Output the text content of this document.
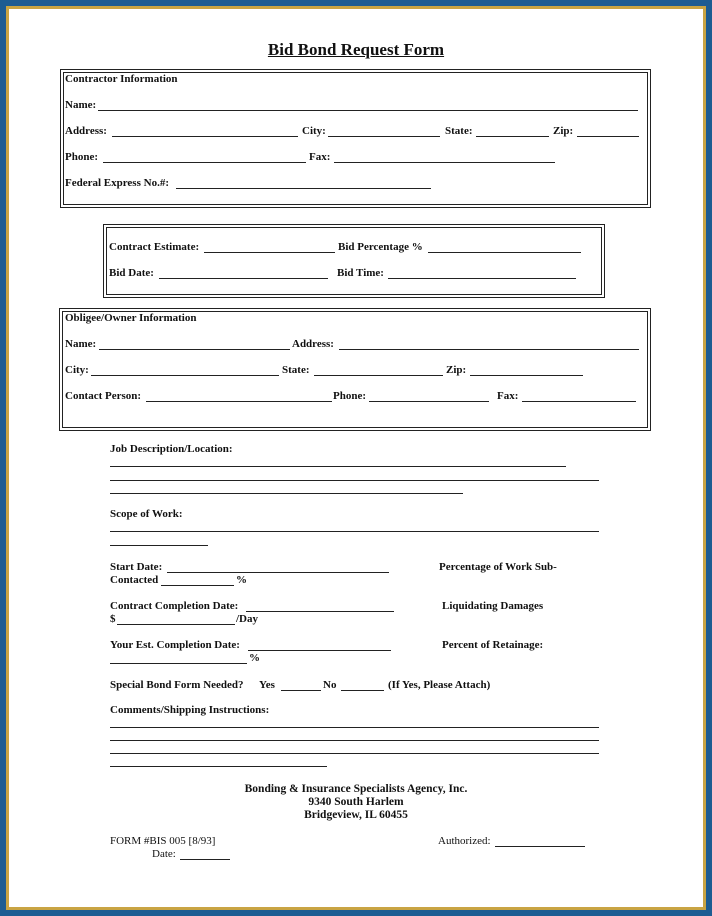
Bid Bond Request Form
Contractor Information
Name:
Address:	City:	State:	Zip:
Phone:	Fax:
Federal Express No.#:
Contract Estimate:	Bid Percentage %
Bid Date:	Bid Time:
Obligee/Owner Information
Name:	Address:
City:	State:	Zip:
Contact Person:	Phone:	Fax:
Job Description/Location:
Scope of Work:
Start Date:	Percentage of Work Sub-
Contacted	%
Contract Completion Date:	Liquidating Damages
$	/Day
Your Est. Completion Date:	Percent of Retainage:
%
Special Bond Form Needed? Yes	No	(If Yes, Please Attach)
Comments/Shipping Instructions:
Bonding & Insurance Specialists Agency, Inc.
9340 South Harlem
Bridgeview, IL 60455
FORM #BIS 005 [8/93]
Date:
Authorized:
